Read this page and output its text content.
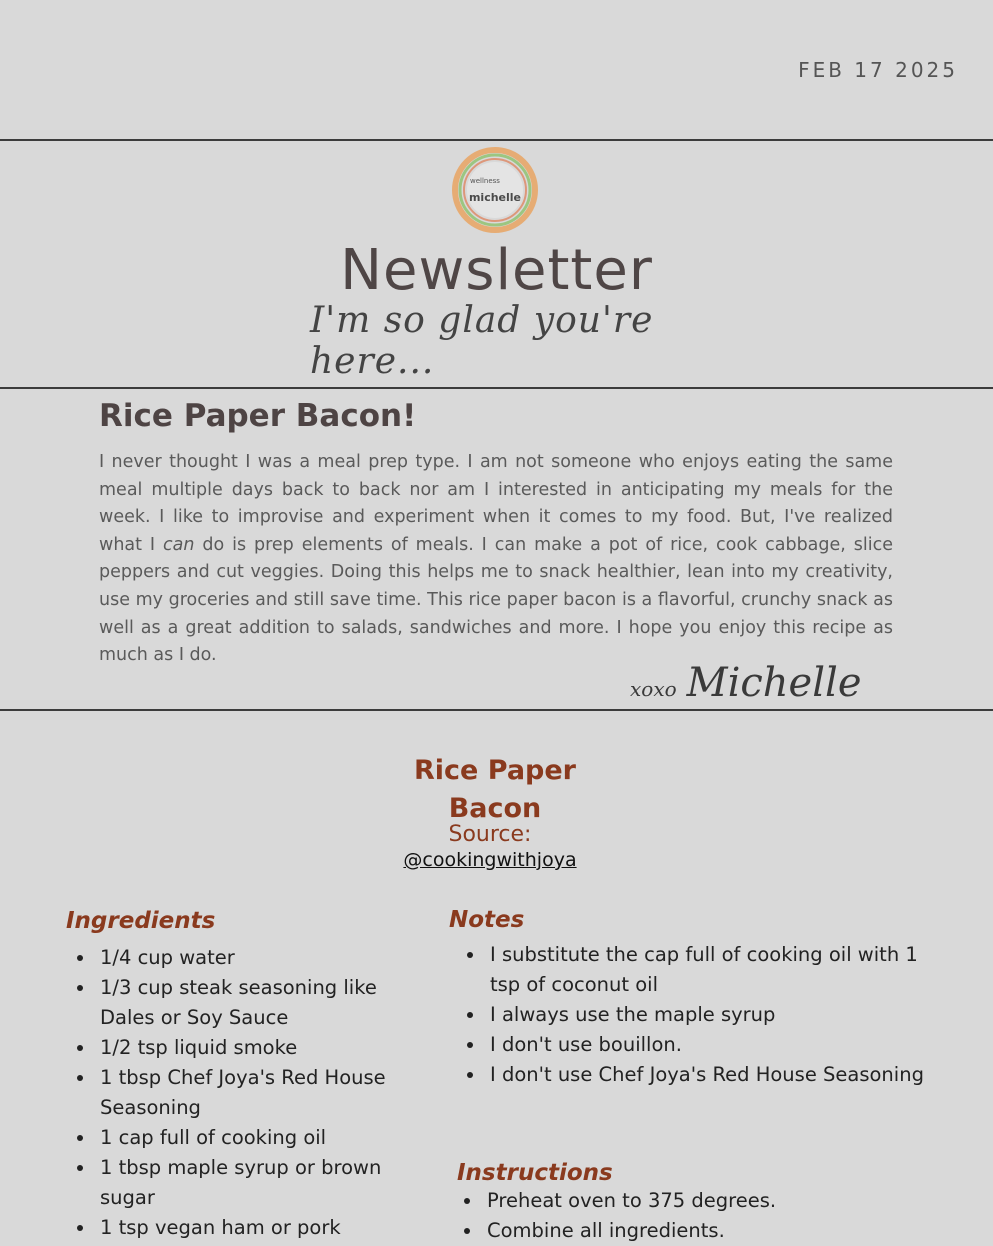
FEB 17 2025
wellness
michelle
Newsletter
I'm so glad you're here...
Rice Paper Bacon!
I never thought I was a meal prep type. I am not someone who enjoys eating the same meal multiple days back to back nor am I interested in anticipating my meals for the week. I like to improvise and experiment when it comes to my food. But, I've realized what I can do is prep elements of meals. I can make a pot of rice, cook cabbage, slice peppers and cut veggies. Doing this helps me to snack healthier, lean into my creativity, use my groceries and still save time. This rice paper bacon is a flavorful, crunchy snack as well as a great addition to salads, sandwiches and more. I hope you enjoy this recipe as much as I do.
xoxo Michelle
Rice Paper
Bacon
Source:
@cookingwithjoya
Ingredients
• 1/4 cup water
• 1/3 cup steak seasoning like Dales or Soy Sauce
• 1/2 tsp liquid smoke
• 1 tbsp Chef Joya's Red House Seasoning
• 1 cap full of cooking oil
• 1 tbsp maple syrup or brown sugar
• 1 tsp vegan ham or pork
Notes
• I substitute the cap full of cooking oil with 1 tsp of coconut oil
• I always use the maple syrup
• I don't use bouillon.
• I don't use Chef Joya's Red House Seasoning
Instructions
• Preheat oven to 375 degrees.
• Combine all ingredients.
